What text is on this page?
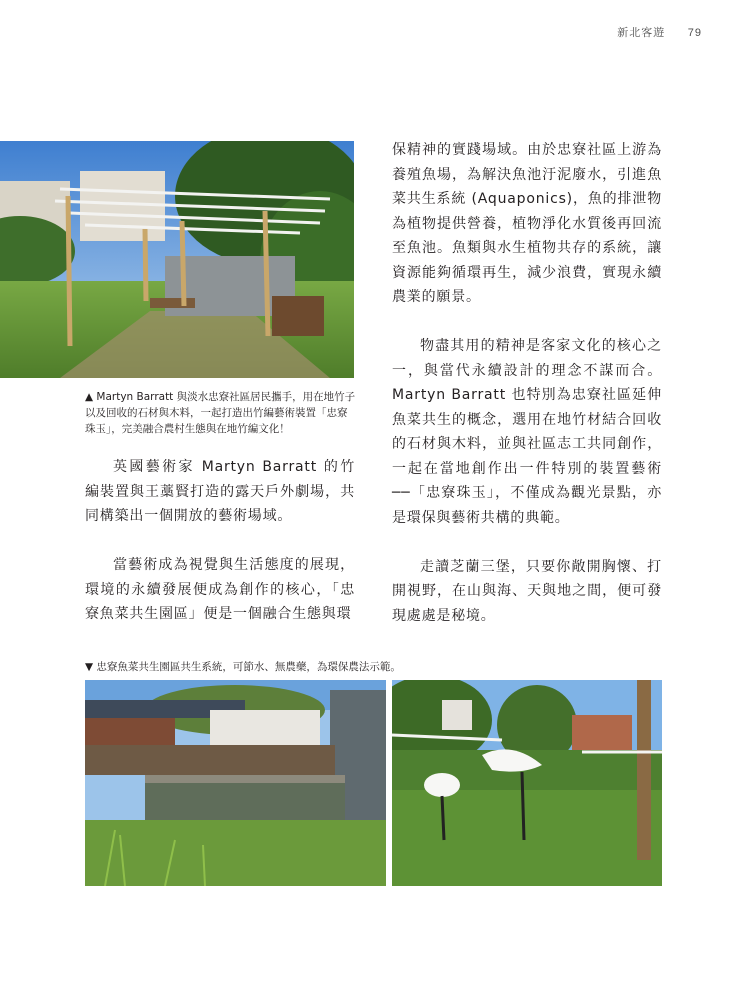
新北客遊 79
▲ Martyn Barratt 與淡水忠寮社區居民攜手，用在地竹子以及回收的石材與木料，一起打造出竹編藝術裝置「忠寮珠玉」，完美融合農村生態與在地竹編文化！

英國藝術家 Martyn Barratt 的竹編裝置與王藁賢打造的露天戶外劇場，共同構築出一個開放的藝術場域。

當藝術成為視覺與生活態度的展現，環境的永續發展便成為創作的核心，「忠寮魚菜共生園區」便是一個融合生態與環

保精神的實踐場域。由於忠寮社區上游為養殖魚場，為解決魚池汙泥廢水，引進魚菜共生系統 (Aquaponics)，魚的排泄物為植物提供營養，植物淨化水質後再回流至魚池。魚類與水生植物共存的系統，讓資源能夠循環再生，減少浪費，實現永續農業的願景。

物盡其用的精神是客家文化的核心之一，與當代永續設計的理念不謀而合。Martyn Barratt 也特別為忠寮社區延伸魚菜共生的概念，選用在地竹材結合回收的石材與木料，並與社區志工共同創作，一起在當地創作出一件特別的裝置藝術──「忠寮珠玉」，不僅成為觀光景點，亦是環保與藝術共構的典範。

走讀芝蘭三堡，只要你敞開胸懷、打開視野，在山與海、天與地之間，便可發現處處是秘境。

▼ 忠寮魚菜共生園區共生系統，可節水、無農藥，為環保農法示範。
